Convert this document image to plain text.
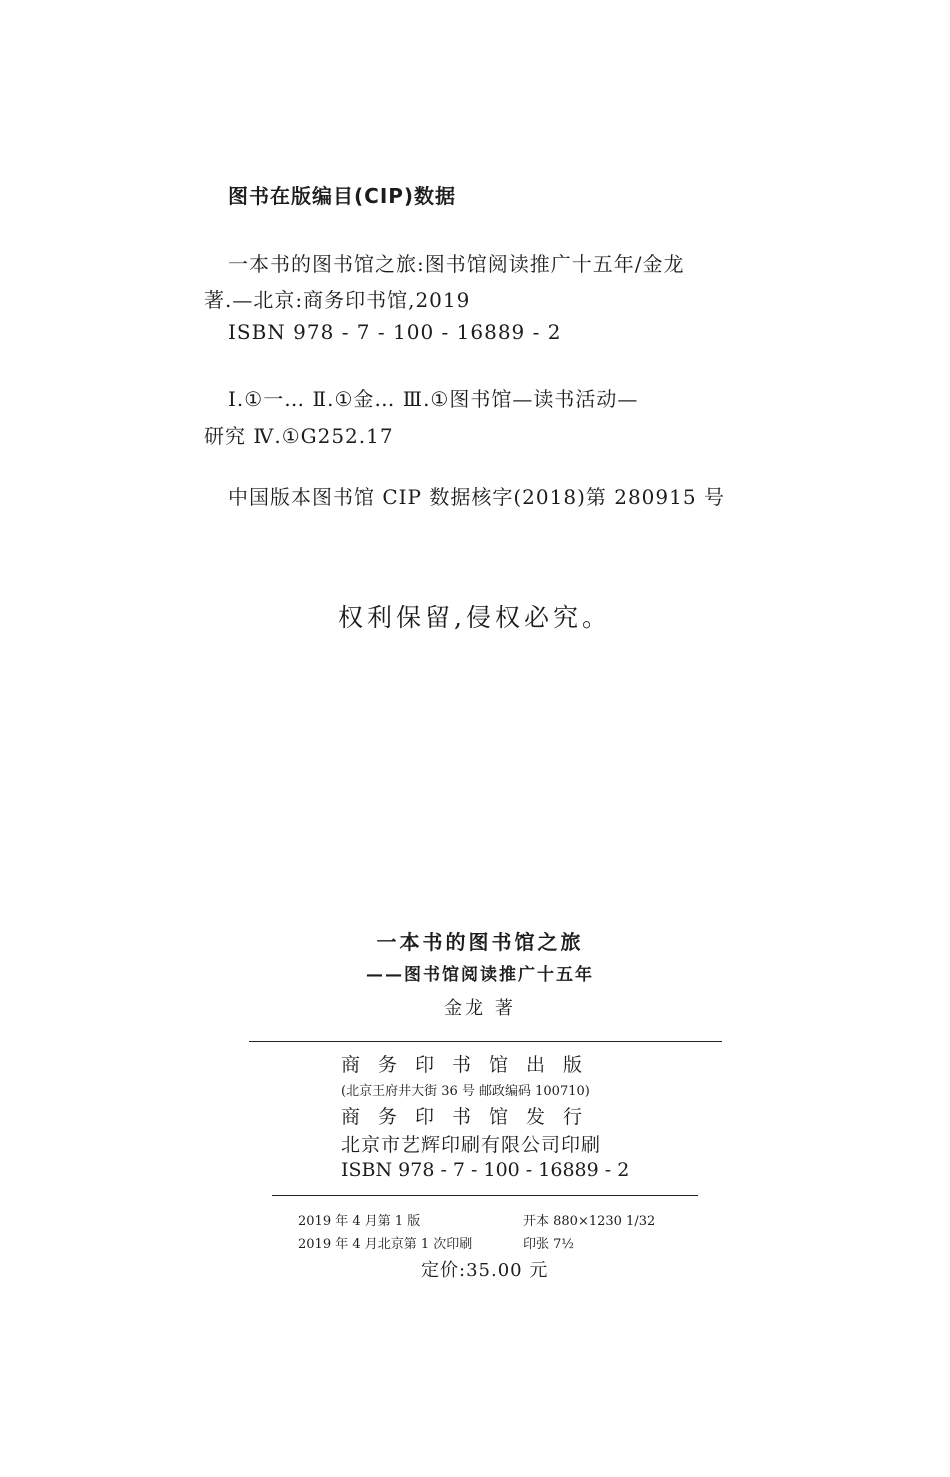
图书在版编目(CIP)数据
一本书的图书馆之旅:图书馆阅读推广十五年/金龙
著.—北京:商务印书馆,2019
ISBN 978 - 7 - 100 - 16889 - 2
Ⅰ.①一… Ⅱ.①金… Ⅲ.①图书馆—读书活动—
研究 Ⅳ.①G252.17
中国版本图书馆 CIP 数据核字(2018)第 280915 号
权利保留,侵权必究。
一本书的图书馆之旅
——图书馆阅读推广十五年
金龙 著
商务印书馆出版
(北京王府井大街 36 号 邮政编码 100710)
商务印书馆发行
北京市艺辉印刷有限公司印刷
ISBN 978 - 7 - 100 - 16889 - 2
2019 年 4 月第 1 版	开本 880×1230 1/32
2019 年 4 月北京第 1 次印刷	印张 7½
定价:35.00 元
